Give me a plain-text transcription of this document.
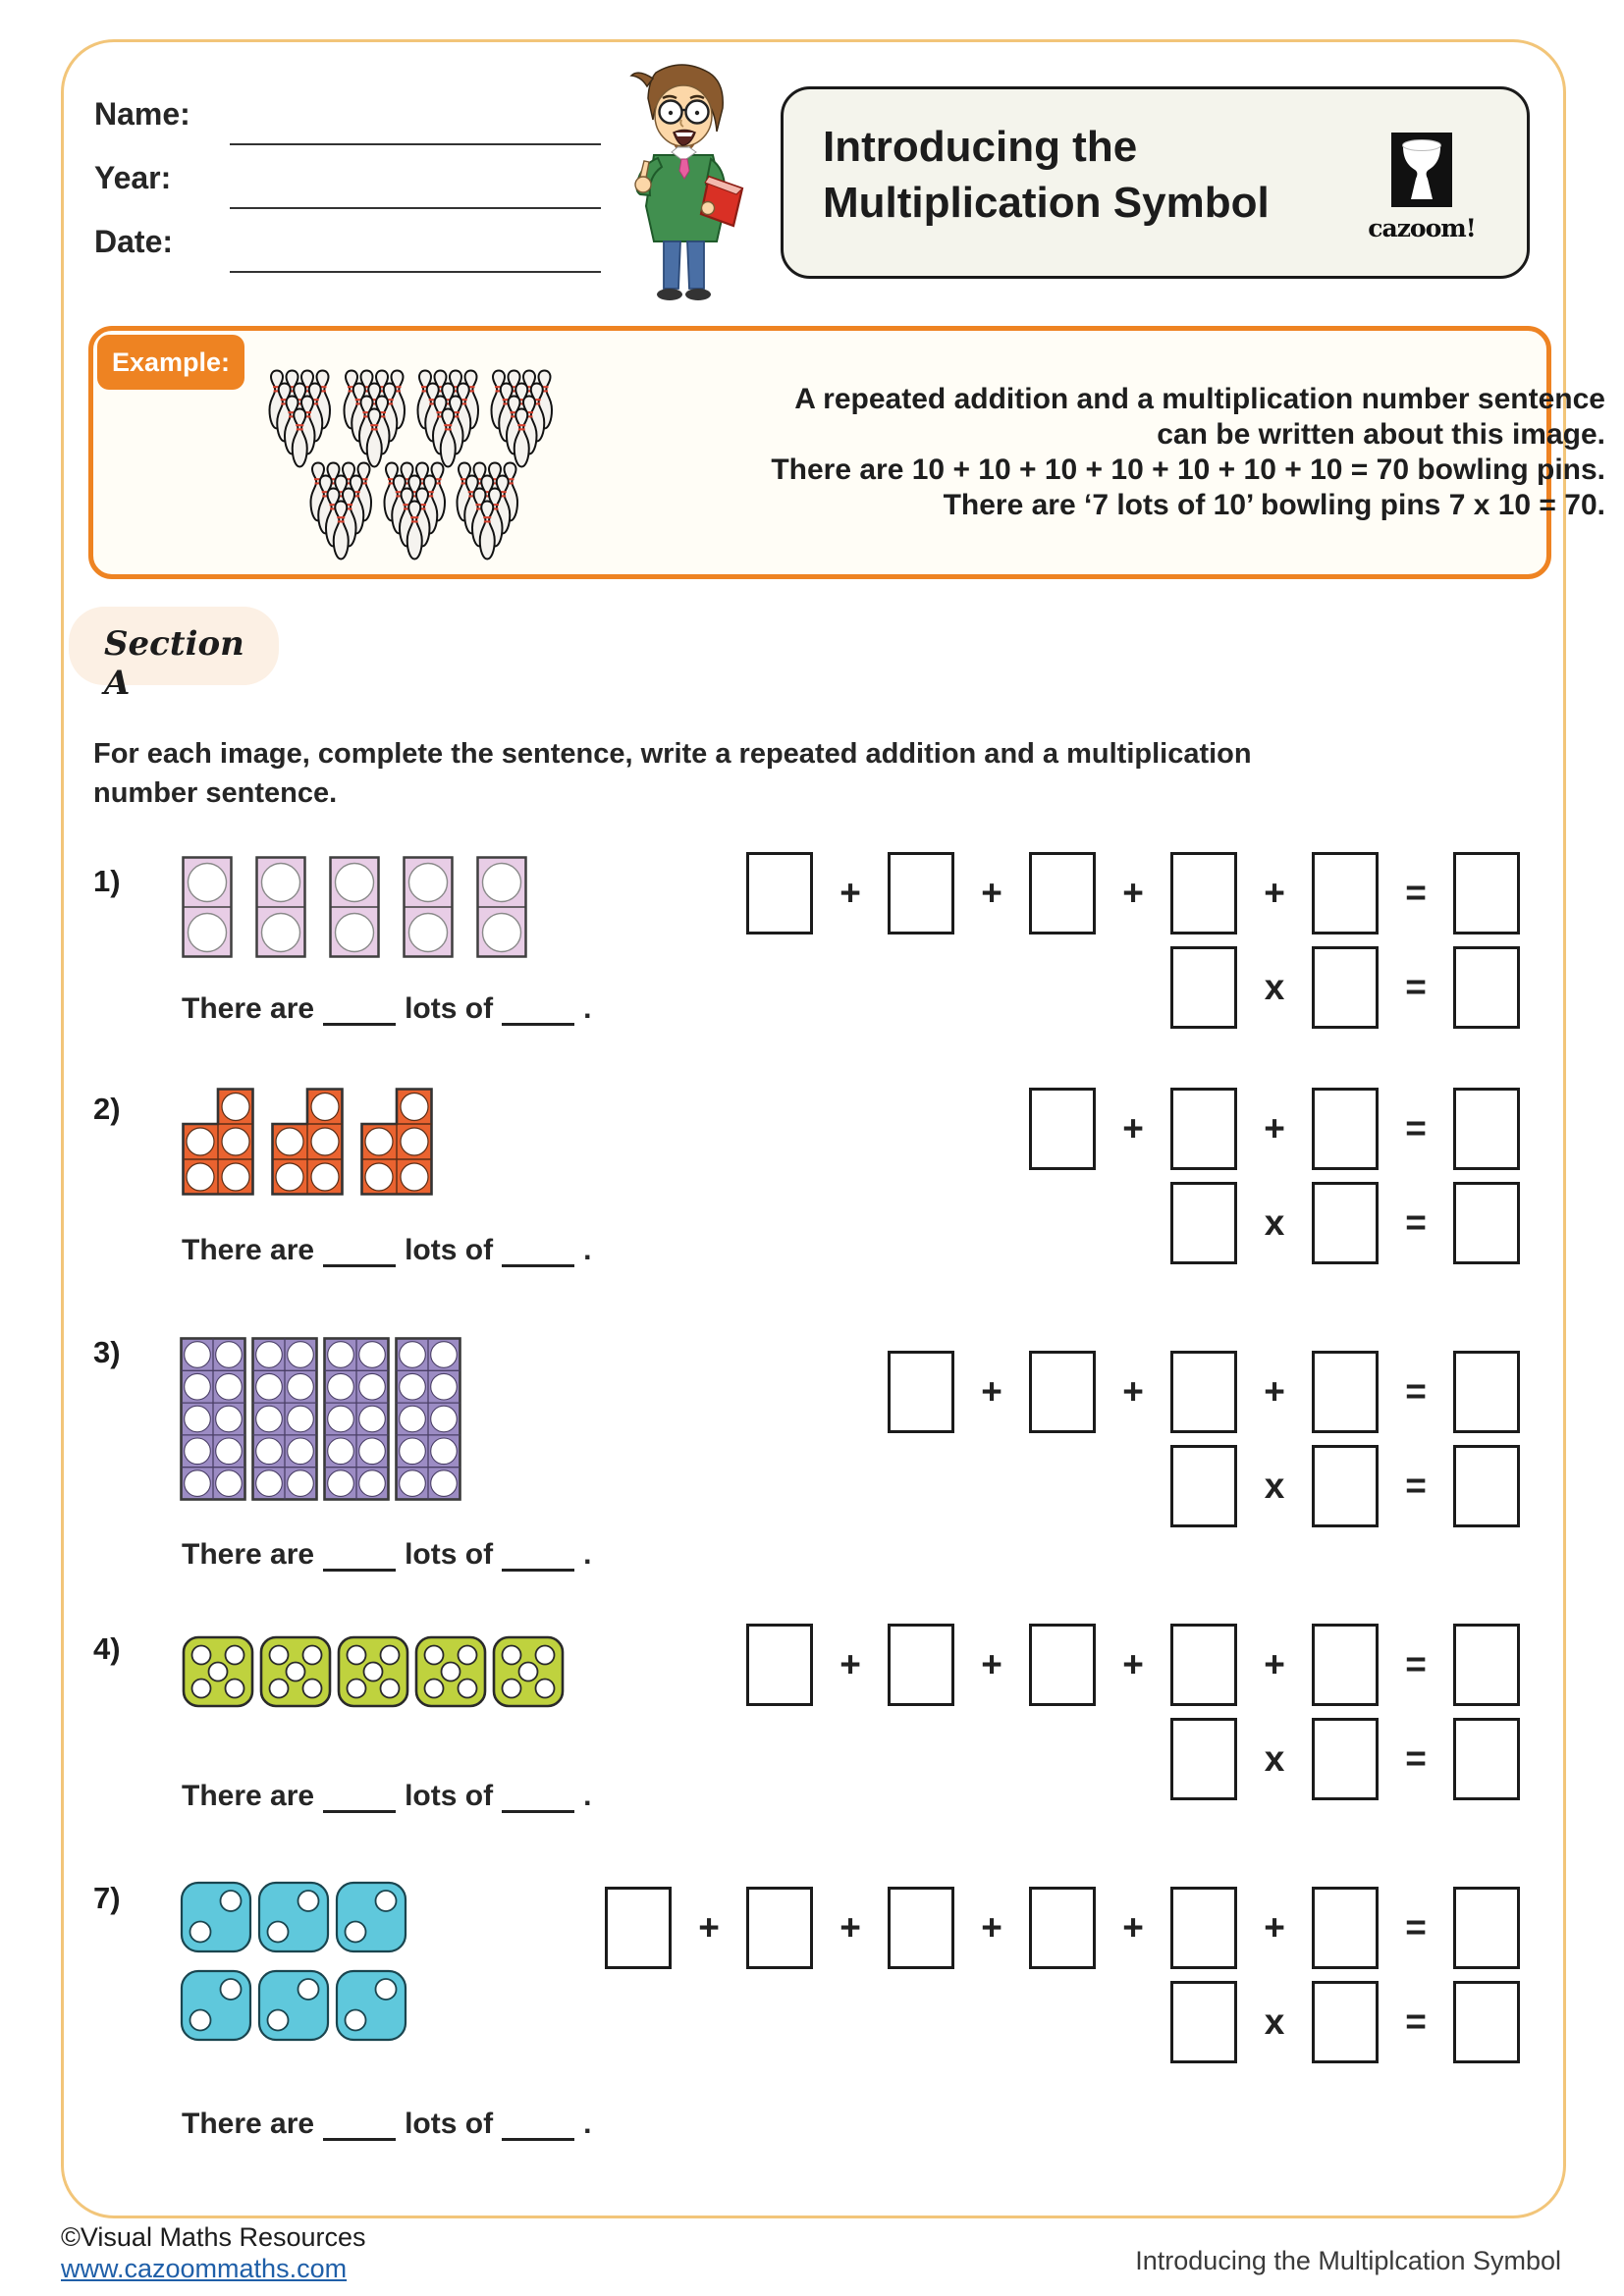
Name:
Year:
Date:
Introducing the
Multiplication Symbol
cazoom!
Example:
A repeated addition and a multiplication number sentence
can be written about this image.
There are 10 + 10 + 10 + 10 + 10 + 10 + 10 = 70 bowling pins.
There are ‘7 lots of 10’ bowling pins 7 x 10 = 70.
Section A
For each image, complete the sentence, write a repeated addition and a multiplication
number sentence.
1)
There are	lots of	.
+	+	+	+	=
x	=
2)
There are	lots of	.
+	+	=
x	=
3)
There are	lots of	.
+	+	+	=
x	=
4)
There are	lots of	.
+	+	+	+	=
x	=
7)
There are	lots of	.
+	+	+	+	+	=
x	=
©Visual Maths Resources
www.cazoommaths.com	Introducing the Multiplcation Symbol
